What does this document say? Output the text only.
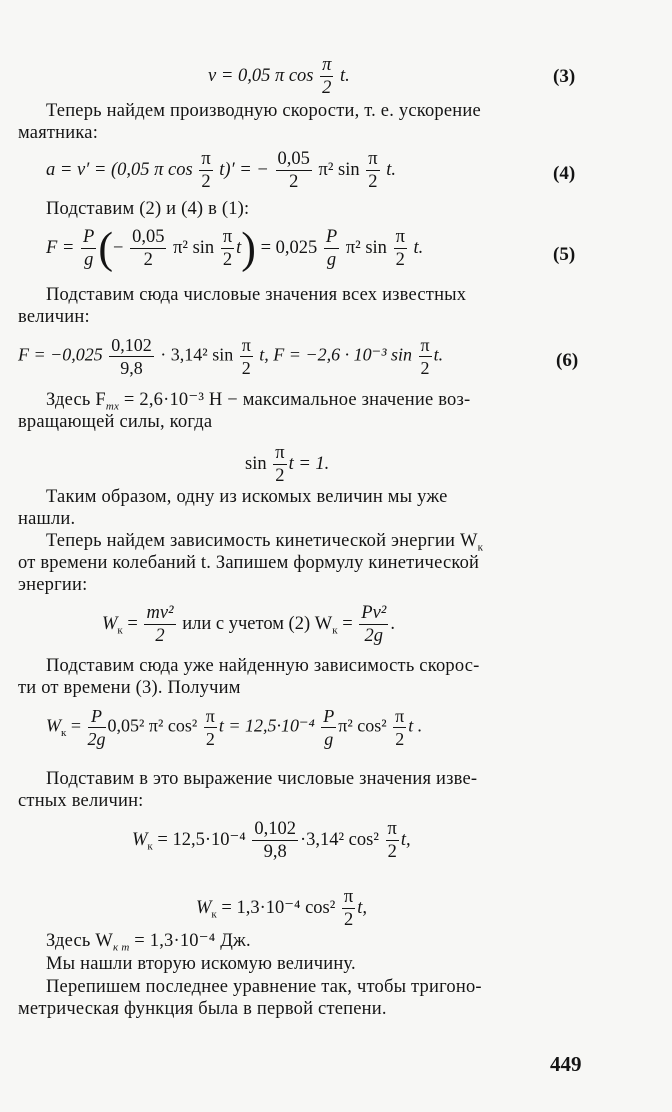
v = 0,05 π $\cos \frac{\pi}{2} t$.	(3)
Теперь найдем производную скорости, т. е. ускорение
маятника:
a = v′ = (0,05 π $\cos \frac{\pi}{2} t)'$ = − $\frac{0,05}{2} \pi^2$ $\sin \frac{\pi}{2} t$.	(4)
Подставим (2) и (4) в (1):
$F = \frac{P}{g}$ (− $\frac{0,05}{2} \pi^2$ $\sin \frac{\pi}{2} t) = 0,025 \frac{P}{g} \pi^2$ $\sin \frac{\pi}{2} t$.	(5)
Подставим сюда числовые значения всех известных
величин:
$F = -0,025 \frac{0,102}{9,8} \cdot 3,14^2$ $\sin \frac{\pi}{2} t$, F = −2,6 · 10⁻³ $\sin \frac{\pi}{2} t$.	(6)
Здесь $F_{mx} = 2,6\cdot 10^{-3}$ H − максимальное значение воз-
вращающей силы, когда
$\sin \frac{\pi}{2}$ t = 1.
Таким образом, одну из искомых величин мы уже
нашли.
Теперь найдем зависимость кинетической энергии $W_к$
от времени колебаний t. Запишем формулу кинетической
энергии:
$W_к = \frac{\text{mv²}}{2}$ или с учетом (2) $W_к = \frac{\text{Pv²}}{2g}$ .
Подставим сюда уже найденную зависимость скорос-
ти от времени (3). Получим
$W_к = \frac{P}{2g} 0,05^2$ π² $\cos^2 \frac{\pi}{2}$ $t = 12,5\cdot 10^{-4} \frac{P}{g} \pi^2$ $\cos^2 \frac{\pi}{2}$ t .
Подставим в это выражение числовые значения изве-
стных величин:
$W_к = 12,5\cdot 10^{-4} \frac{0,102}{9,8} \cdot 3,14^2$ $\cos^2 \frac{\pi}{2} t$,
$W_к = 1,3\cdot 10^{-4}$ $\cos^2 \frac{\pi}{2} t$,
Здесь $W_{к m} = 1,3\cdot 10^{-4}$ Дж.
Мы нашли вторую искомую величину.
Перепишем последнее уравнение так, чтобы тригоно-
метрическая функция была в первой степени.
449
